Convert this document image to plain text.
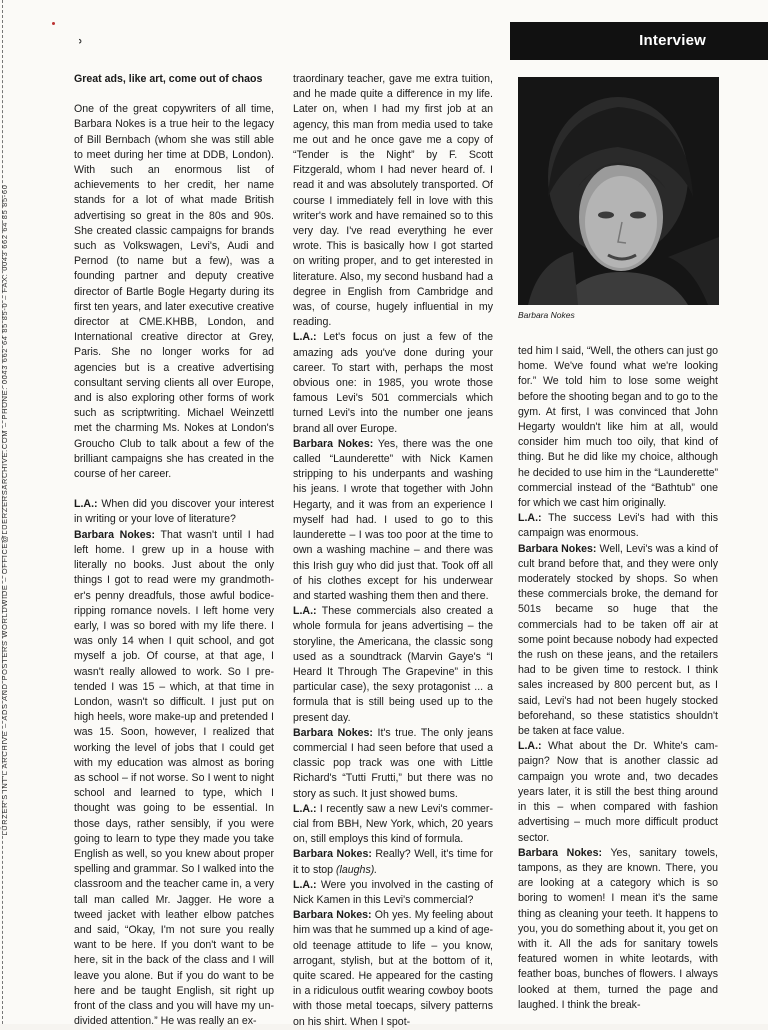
LÜRZER'S INT'L ARCHIVE – ADS AND POSTERS WORLDWIDE – OFFICE@LUERZERSARCHIVE.COM – PHONE: 0043 662 64 85 85-0 – FAX: 0043 662 64 85 85-60
˒	Interview

Great ads, like art, come out of chaos

One of the great copywriters of all time, Barbara Nokes is a true heir to the legacy of Bill Bernbach (whom she was still able to meet during her time at DDB, London). With such an enormous list of achievements to her credit, her name stands for a lot of what made British advertising so great in the 80s and 90s. She created classic campaigns for brands such as Volkswagen, Levi's, Audi and Pernod (to name but a few), was a founding partner and deputy creative director of Bartle Bogle Hegarty during its first ten years, and later executive creative director at CME.KHBB, London, and International creative director at Grey, Paris. She no longer works for ad agencies but is a creative advertising consultant serving clients all over Europe, and is also exploring other forms of work such as scriptwriting. Michael Weinzettl met the charming Ms. Nokes at London's Groucho Club to talk about a few of the brilliant campaigns she has created in the course of her career.

L.A.: When did you discover your interest in writing or your love of literature?

Barbara Nokes: That wasn't until I had left home. I grew up in a house with literally no books. Just about the only things I got to read were my grandmother's penny dreadfuls, those awful bodice-ripping romance novels. I left home very early, I was so bored with my life there. I was only 14 when I quit school, and got myself a job. Of course, at that age, I wasn't really allowed to work. So I pretended I was 15 – which, at that time in London, wasn't so difficult. I just put on high heels, wore make-up and pretended I was 15. Soon, however, I realized that working the level of jobs that I could get with my education was almost as boring as school – if not worse. So I went to night school and learned to type, which I thought was going to be essential. In those days, rather sensibly, if you were going to learn to type they made you take English as well, so you knew about proper spelling and grammar. So I walked into the classroom and the teacher came in, a very tall man called Mr. Jagger. He wore a tweed jacket with leather elbow patches and said, “Okay, I'm not sure you really want to be here. If you don't want to be here, sit in the back of the class and I will leave you alone. But if you do want to be here and be taught English, sit right up front of the class and you will have my undivided attention.” He was really an ex-

traordinary teacher, gave me extra tuition, and he made quite a difference in my life. Later on, when I had my first job at an agency, this man from media used to take me out and he once gave me a copy of “Tender is the Night” by F. Scott Fitzgerald, whom I had never heard of. I read it and was absolutely transported. Of course I immediately fell in love with this writer's work and have remained so to this very day. I've read everything he ever wrote. This is basically how I got started on writing proper, and to get interested in literature. Also, my second husband had a degree in English from Cambridge and was, of course, hugely influential in my reading.

L.A.: Let's focus on just a few of the amazing ads you've done during your career. To start with, perhaps the most obvious one: in 1985, you wrote those famous Levi's 501 commercials which turned Levi's into the number one jeans brand all over Europe.

Barbara Nokes: Yes, there was the one called “Launderette” with Nick Kamen stripping to his underpants and washing his jeans. I wrote that together with John Hegarty, and it was from an experience I myself had had. I used to go to this launderette – I was too poor at the time to own a washing machine – and there was this Irish guy who did just that. Took off all of his clothes except for his underwear and started washing them then and there.

L.A.: These commercials also created a whole formula for jeans advertising – the storyline, the Americana, the classic song used as a soundtrack (Marvin Gaye's “I Heard It Through The Grapevine” in this particular case), the sexy protagonist ... a formula that is still being used up to the present day.

Barbara Nokes: It's true. The only jeans commercial I had seen before that used a classic pop track was one with Little Richard's “Tutti Frutti,” but there was no story as such. It just showed bums.

L.A.: I recently saw a new Levi's commercial from BBH, New York, which, 20 years on, still employs this kind of formula.

Barbara Nokes: Really? Well, it's time for it to stop (laughs).

L.A.: Were you involved in the casting of Nick Kamen in this Levi's commercial?

Barbara Nokes: Oh yes. My feeling about him was that he summed up a kind of age-old teenage attitude to life – you know, arrogant, stylish, but at the bottom of it, quite scared. He appeared for the casting in a ridiculous outfit wearing cowboy boots with those metal toecaps, silvery patterns on his shirt. When I spot-

Barbara Nokes

ted him I said, “Well, the others can just go home. We've found what we're looking for.” We told him to lose some weight before the shooting began and to go to the gym. At first, I was convinced that John Hegarty wouldn't like him at all, would consider him much too oily, that kind of thing. But he did like my choice, although he decided to use him in the “Launderette” commercial instead of the “Bathtub” one for which we cast him originally.

L.A.: The success Levi's had with this campaign was enormous.

Barbara Nokes: Well, Levi's was a kind of cult brand before that, and they were only moderately stocked by shops. So when these commercials broke, the demand for 501s became so huge that the commercials had to be taken off air at some point because nobody had expected the rush on these jeans, and the retailers had to be given time to restock. I think sales increased by 800 percent but, as I said, Levi's had not been hugely stocked beforehand, so these statistics shouldn't be taken at face value.

L.A.: What about the Dr. White's campaign? Now that is another classic ad campaign you wrote and, two decades years later, it is still the best thing around in this – when compared with fashion advertising – much more difficult product sector.

Barbara Nokes: Yes, sanitary towels, tampons, as they are known. There, you are looking at a category which is so boring to women! I mean it's the same thing as cleaning your teeth. It happens to you, you do something about it, you get on with it. All the ads for sanitary towels featured women in white leotards, with feather boas, bunches of flowers. I always looked at them, turned the page and laughed. I think the break-
